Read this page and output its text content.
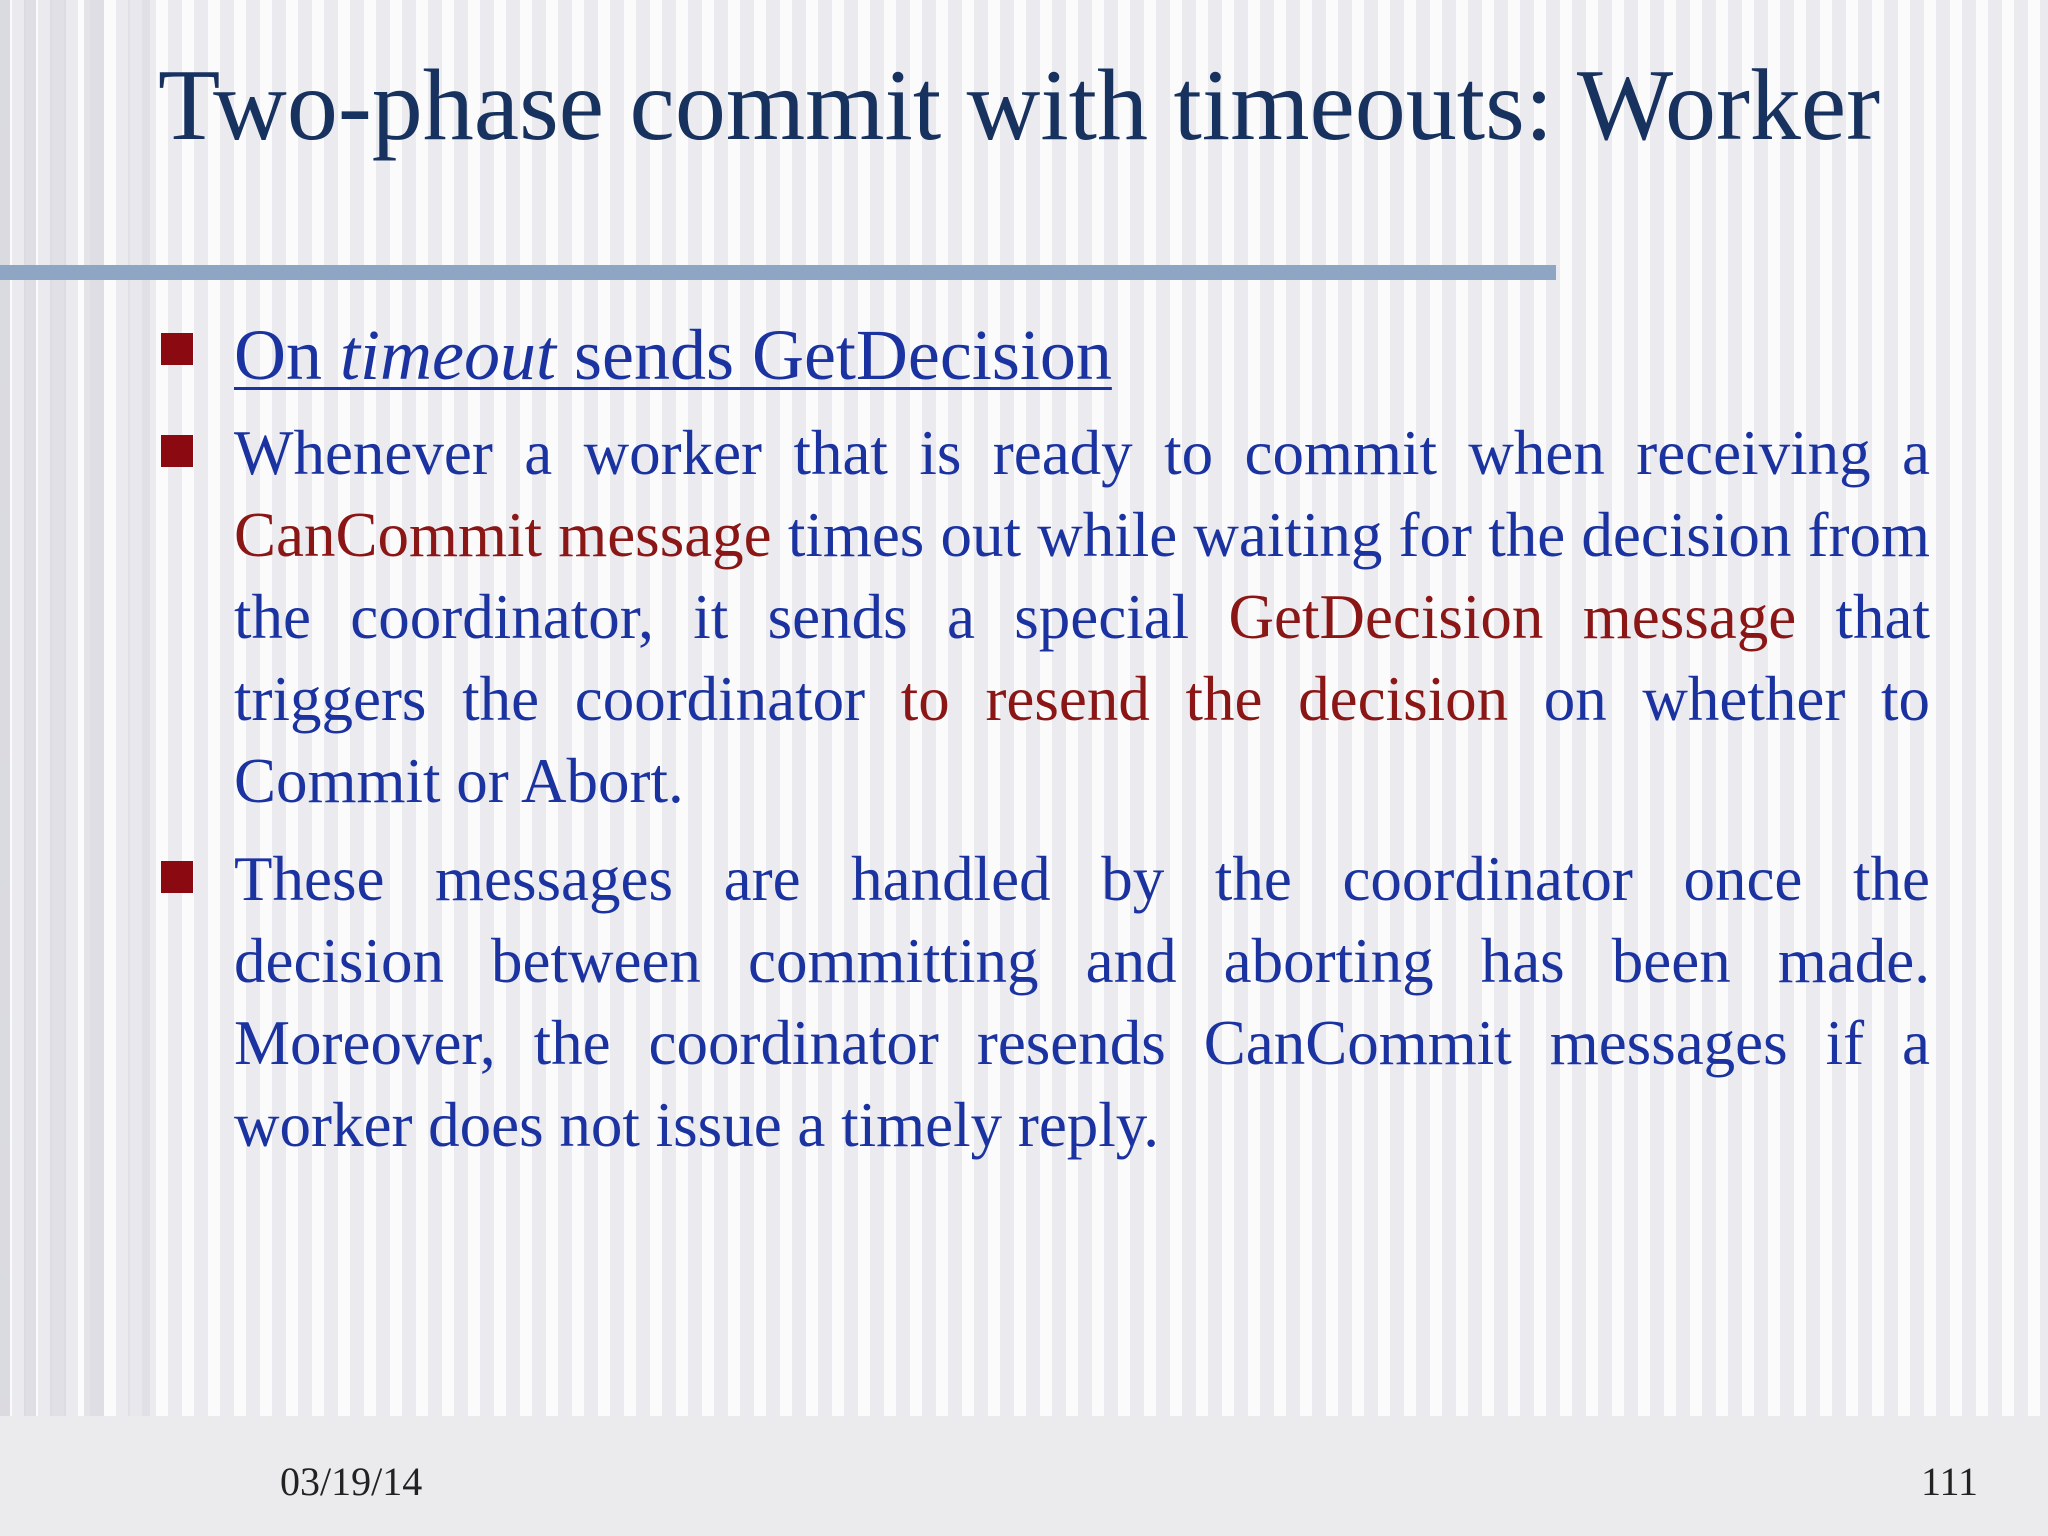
Two-phase commit with timeouts: Worker
On timeout sends GetDecision
Whenever a worker that is ready to commit when receiving a CanCommit message times out while waiting for the decision from the coordinator, it sends a special GetDecision message that triggers the coordinator to resend the decision on whether to Commit or Abort.
These messages are handled by the coordinator once the
decision between committing and aborting has been made.
Moreover, the coordinator resends CanCommit messages if a worker does not issue a timely reply.
03/19/14	111
